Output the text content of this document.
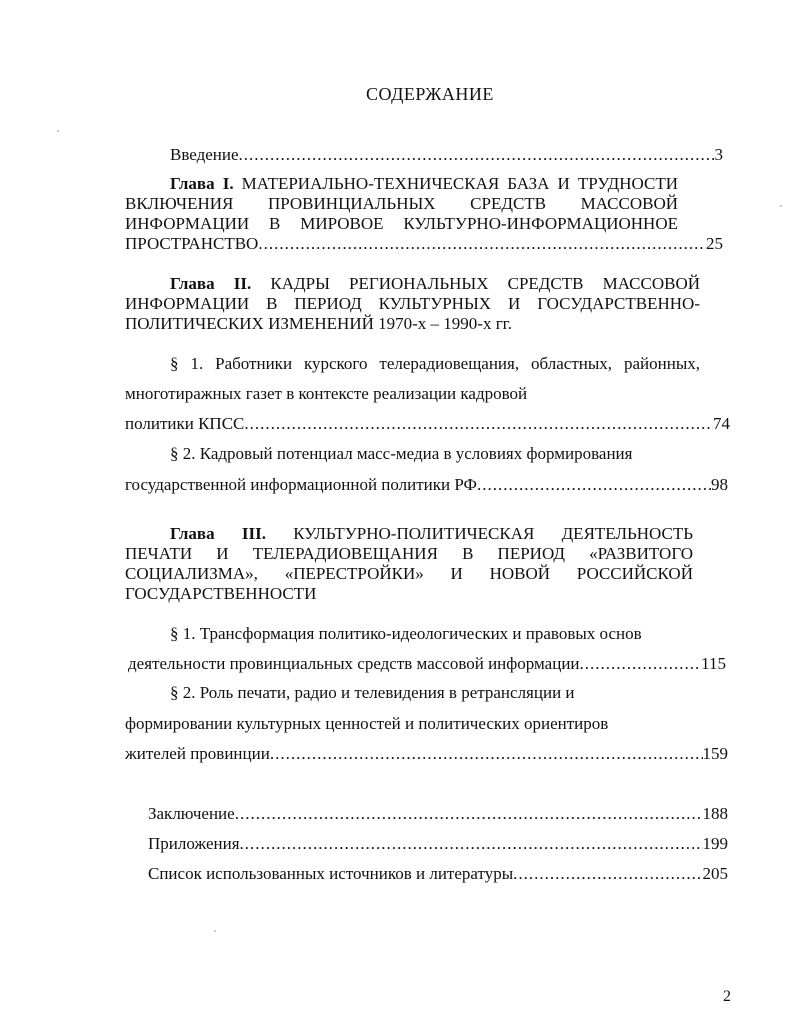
СОДЕРЖАНИЕ
Введение .....	3
Глава I. МАТЕРИАЛЬНО-ТЕХНИЧЕСКАЯ БАЗА И ТРУДНОСТИ
ВКЛЮЧЕНИЯ ПРОВИНЦИАЛЬНЫХ СРЕДСТВ МАССОВОЙ
ИНФОРМАЦИИ В МИРОВОЕ КУЛЬТУРНО-ИНФОРМАЦИОННОЕ
ПРОСТРАНСТВО .....	25
Глава II. КАДРЫ РЕГИОНАЛЬНЫХ СРЕДСТВ МАССОВОЙ
ИНФОРМАЦИИ В ПЕРИОД КУЛЬТУРНЫХ И ГОСУДАРСТВЕННО-
ПОЛИТИЧЕСКИХ ИЗМЕНЕНИЙ 1970-х – 1990-х гг.
§ 1. Работники курского телерадиовещания, областных, районных,
многотиражных газет в контексте реализации кадровой
политики КПСС .....	74
§ 2. Кадровый потенциал масс-медиа в условиях формирования
государственной информационной политики РФ .....	98
Глава III. КУЛЬТУРНО-ПОЛИТИЧЕСКАЯ ДЕЯТЕЛЬНОСТЬ
ПЕЧАТИ И ТЕЛЕРАДИОВЕЩАНИЯ В ПЕРИОД «РАЗВИТОГО
СОЦИАЛИЗМА», «ПЕРЕСТРОЙКИ» И НОВОЙ РОССИЙСКОЙ
ГОСУДАРСТВЕННОСТИ
§ 1. Трансформация политико-идеологических и правовых основ
деятельности провинциальных средств массовой информации .....	115
§ 2. Роль печати, радио и телевидения в ретрансляции и
формировании культурных ценностей и политических ориентиров
жителей провинции .....	159
Заключение .....	188
Приложения .....	199
Список использованных источников и литературы .....	205
2
